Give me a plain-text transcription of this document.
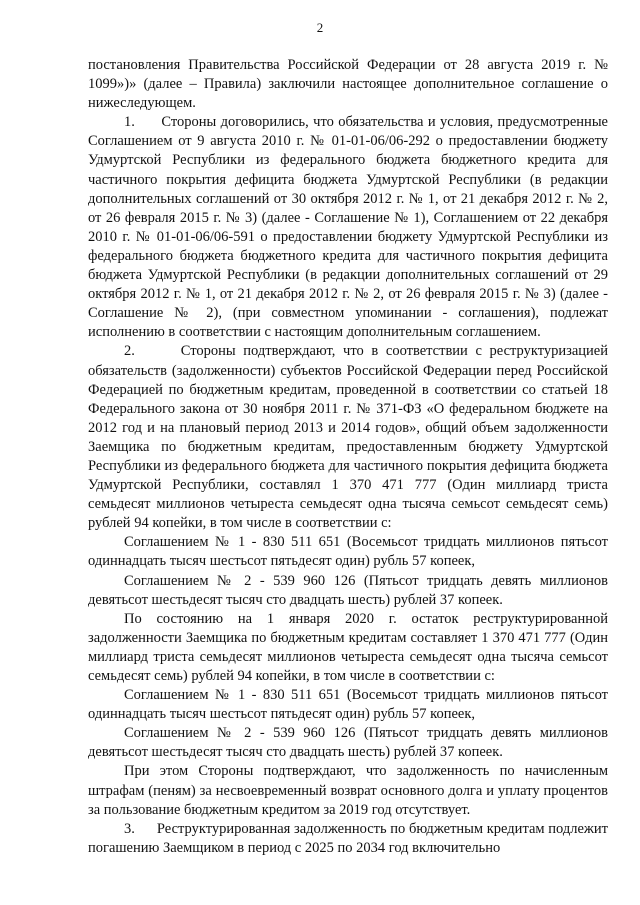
2

постановления Правительства Российской Федерации от 28 августа 2019 г. № 1099»)» (далее – Правила) заключили настоящее дополнительное соглашение о нижеследующем.

1.      Стороны договорились, что обязательства и условия, предусмотренные Соглашением от 9 августа 2010 г. № 01-01-06/06-292 о предоставлении бюджету Удмуртской Республики из федерального бюджета бюджетного кредита для частичного покрытия дефицита бюджета Удмуртской Республики (в редакции дополнительных соглашений от 30 октября 2012 г. № 1, от 21 декабря 2012 г. № 2, от 26 февраля 2015 г. № 3) (далее - Соглашение № 1), Соглашением от 22 декабря 2010 г. № 01-01-06/06-591 о предоставлении бюджету Удмуртской Республики из федерального бюджета бюджетного кредита для частичного покрытия дефицита бюджета Удмуртской Республики (в редакции дополнительных соглашений от 29 октября 2012 г. № 1, от 21 декабря 2012 г. № 2, от 26 февраля 2015 г. № 3) (далее - Соглашение № 2), (при совместном упоминании - соглашения), подлежат исполнению в соответствии с настоящим дополнительным соглашением.

2.      Стороны подтверждают, что в соответствии с реструктуризацией обязательств (задолженности) субъектов Российской Федерации перед Российской Федерацией по бюджетным кредитам, проведенной в соответствии со статьей 18 Федерального закона от 30 ноября 2011 г. № 371-ФЗ «О федеральном бюджете на 2012 год и на плановый период 2013 и 2014 годов», общий объем задолженности Заемщика по бюджетным кредитам, предоставленным бюджету Удмуртской Республики из федерального бюджета для частичного покрытия дефицита бюджета Удмуртской Республики, составлял 1 370 471 777 (Один миллиард триста семьдесят миллионов четыреста семьдесят одна тысяча семьсот семьдесят семь) рублей 94 копейки, в том числе в соответствии с:

Соглашением № 1 - 830 511 651 (Восемьсот тридцать миллионов пятьсот одиннадцать тысяч шестьсот пятьдесят один) рубль 57 копеек,

Соглашением № 2 - 539 960 126 (Пятьсот тридцать девять миллионов девятьсот шестьдесят тысяч сто двадцать шесть) рублей 37 копеек.

По состоянию на 1 января 2020 г. остаток реструктурированной задолженности Заемщика по бюджетным кредитам составляет 1 370 471 777 (Один миллиард триста семьдесят миллионов четыреста семьдесят одна тысяча семьсот семьдесят семь) рублей 94 копейки, в том числе в соответствии с:

Соглашением № 1 - 830 511 651 (Восемьсот тридцать миллионов пятьсот одиннадцать тысяч шестьсот пятьдесят один) рубль 57 копеек,

Соглашением № 2 - 539 960 126 (Пятьсот тридцать девять миллионов девятьсот шестьдесят тысяч сто двадцать шесть) рублей 37 копеек.

При этом Стороны подтверждают, что задолженность по начисленным штрафам (пеням) за несвоевременный возврат основного долга и уплату процентов за пользование бюджетным кредитом за 2019 год отсутствует.

3.      Реструктурированная задолженность по бюджетным кредитам подлежит погашению Заемщиком в период с 2025 по 2034 год включительно
